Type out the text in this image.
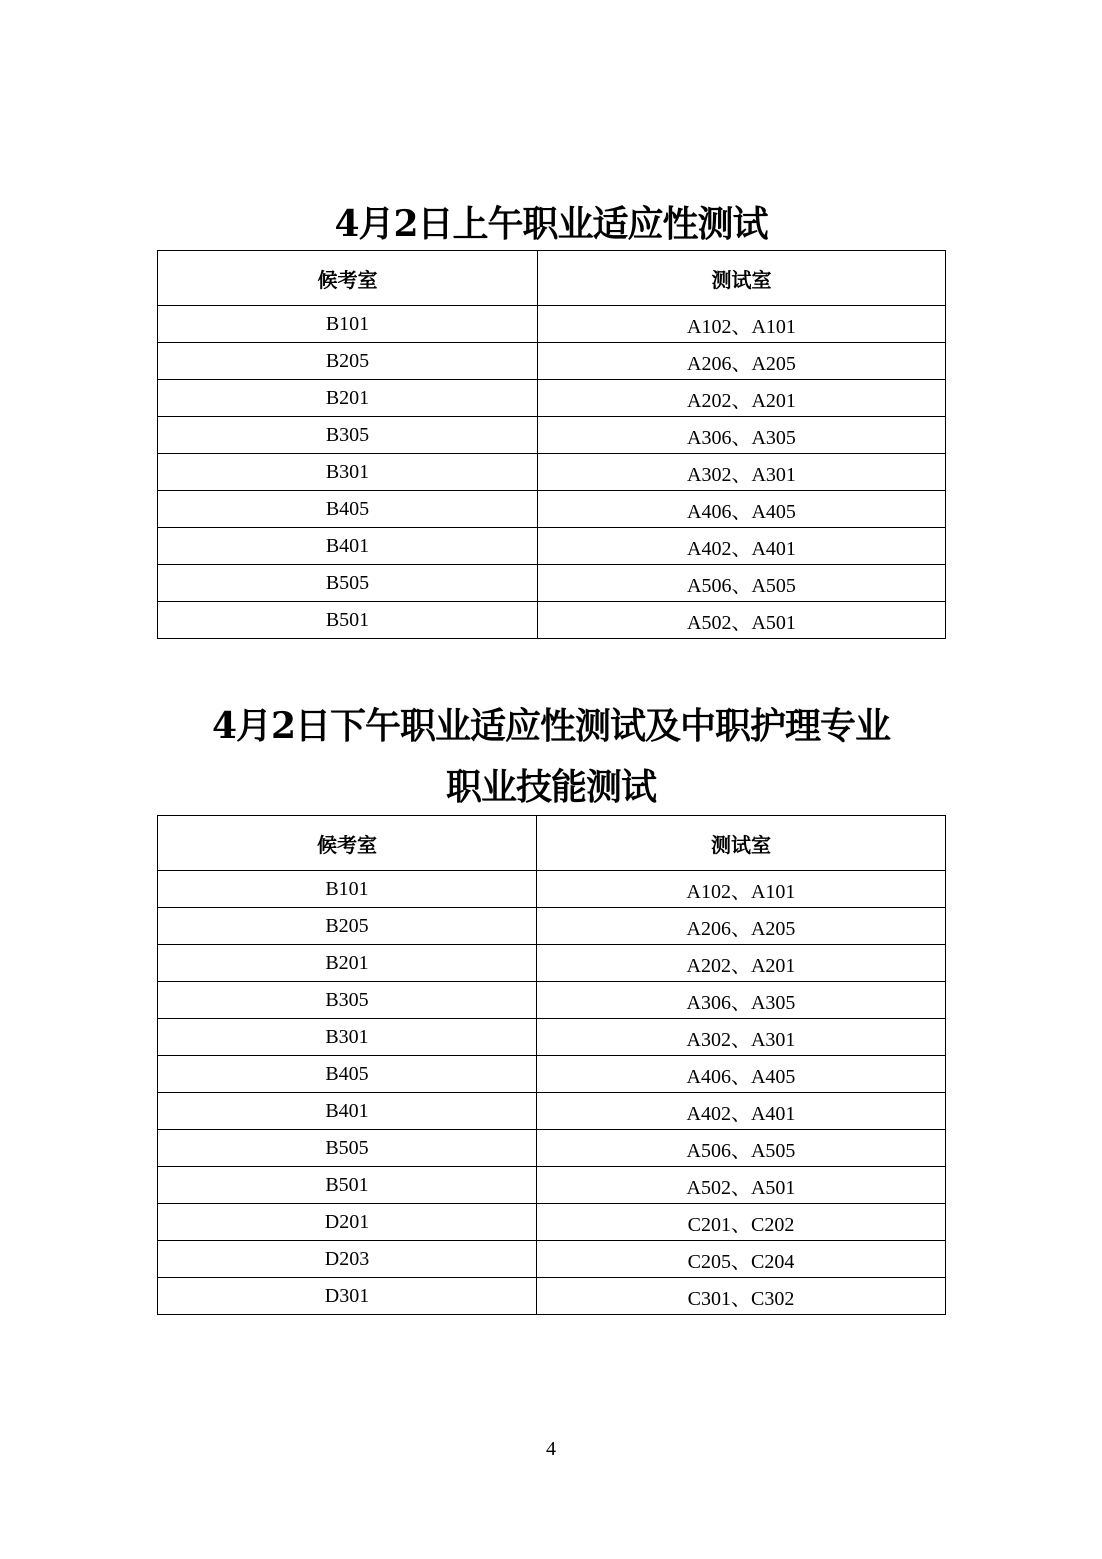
4月2日上午职业适应性测试
候考室	测试室
B101	A102、A101
B205	A206、A205
B201	A202、A201
B305	A306、A305
B301	A302、A301
B405	A406、A405
B401	A402、A401
B505	A506、A505
B501	A502、A501
4月2日下午职业适应性测试及中职护理专业
职业技能测试
候考室	测试室
B101	A102、A101
B205	A206、A205
B201	A202、A201
B305	A306、A305
B301	A302、A301
B405	A406、A405
B401	A402、A401
B505	A506、A505
B501	A502、A501
D201	C201、C202
D203	C205、C204
D301	C301、C302
4
